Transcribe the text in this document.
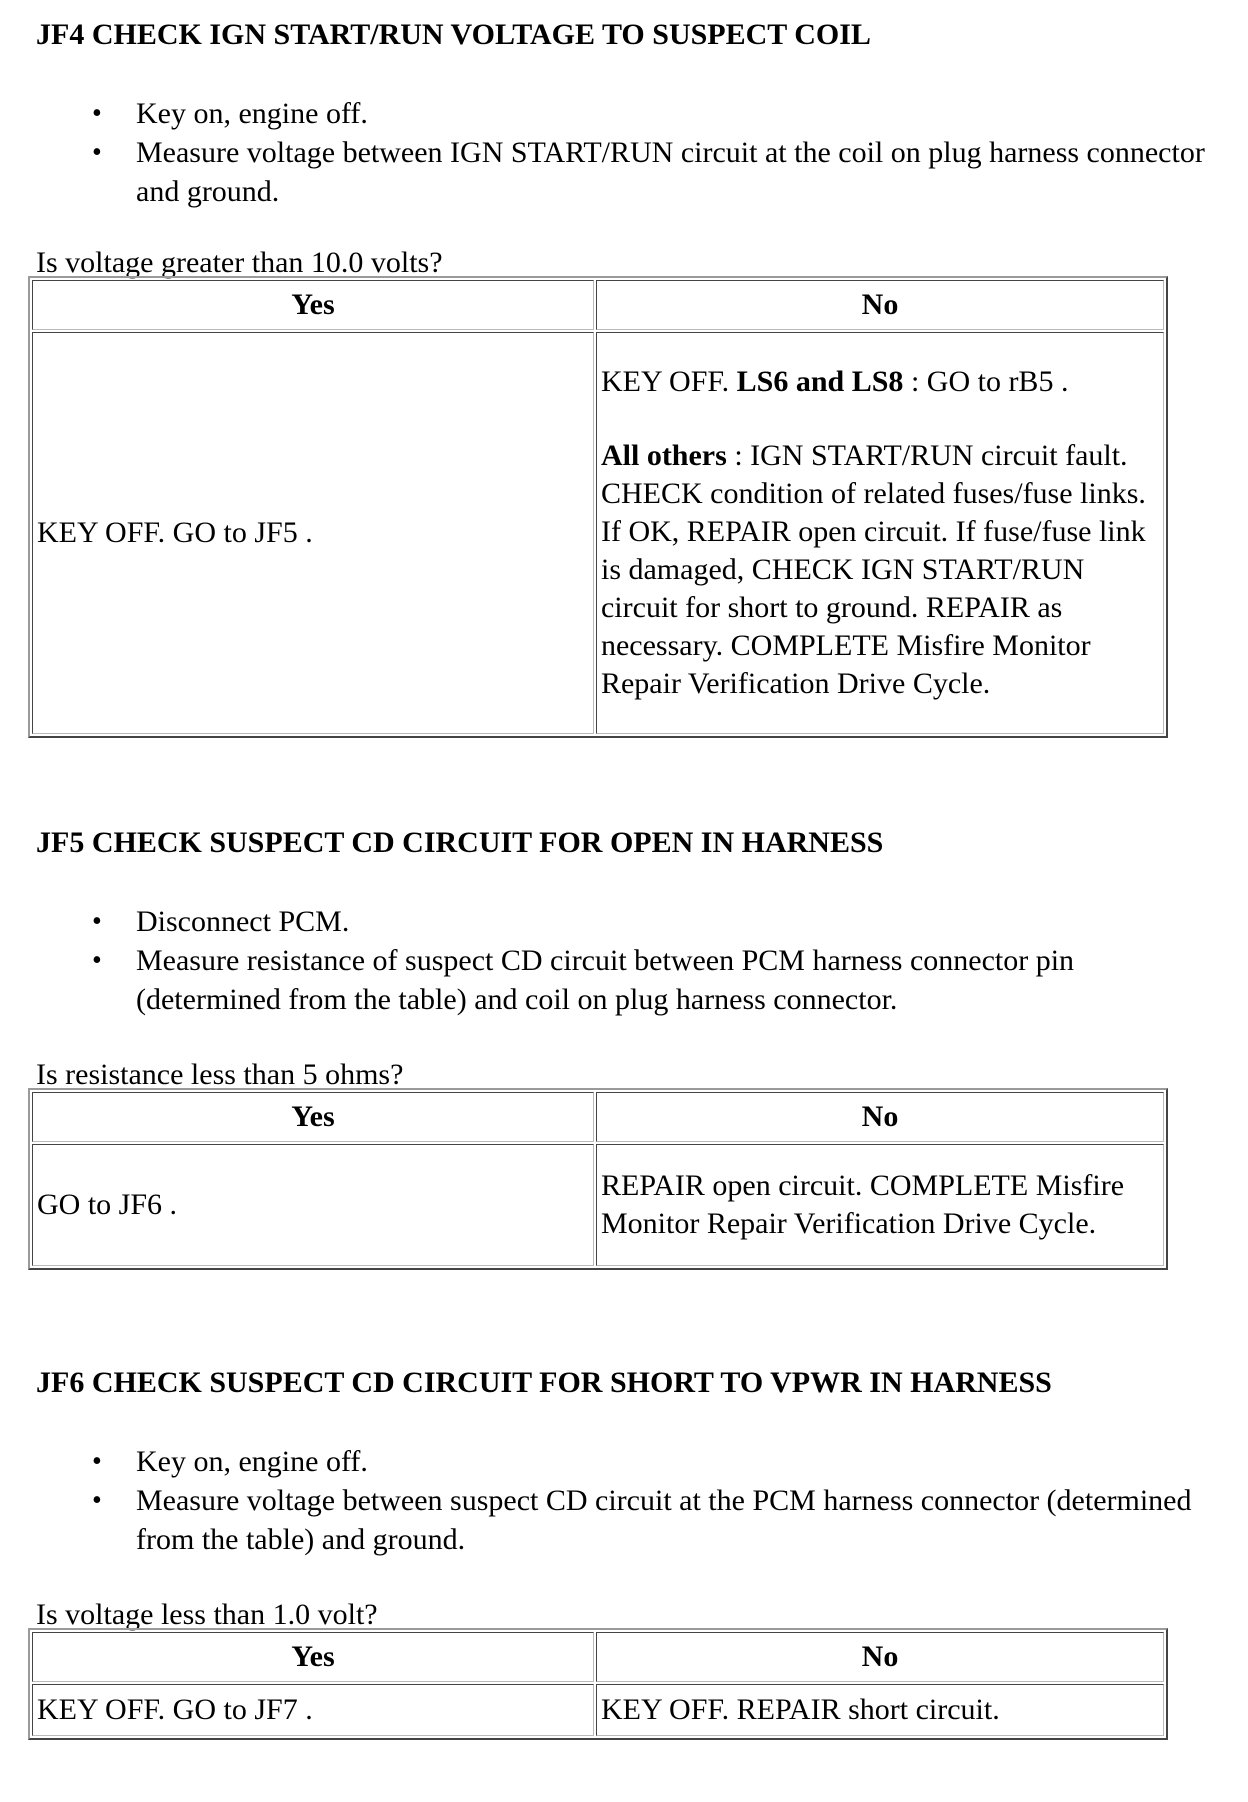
JF4 CHECK IGN START/RUN VOLTAGE TO SUSPECT COIL
• Key on, engine off.
• Measure voltage between IGN START/RUN circuit at the coil on plug harness connector and ground.
Is voltage greater than 10.0 volts?
Yes	No
KEY OFF. GO to JF5 .	KEY OFF. LS6 and LS8 : GO to rB5 .
All others : IGN START/RUN circuit fault. CHECK condition of related fuses/fuse links. If OK, REPAIR open circuit. If fuse/fuse link is damaged, CHECK IGN START/RUN circuit for short to ground. REPAIR as necessary. COMPLETE Misfire Monitor Repair Verification Drive Cycle.
JF5 CHECK SUSPECT CD CIRCUIT FOR OPEN IN HARNESS
• Disconnect PCM.
• Measure resistance of suspect CD circuit between PCM harness connector pin (determined from the table) and coil on plug harness connector.
Is resistance less than 5 ohms?
Yes	No
GO to JF6 .	REPAIR open circuit. COMPLETE Misfire Monitor Repair Verification Drive Cycle.
JF6 CHECK SUSPECT CD CIRCUIT FOR SHORT TO VPWR IN HARNESS
• Key on, engine off.
• Measure voltage between suspect CD circuit at the PCM harness connector (determined from the table) and ground.
Is voltage less than 1.0 volt?
Yes	No
KEY OFF. GO to JF7 .	KEY OFF. REPAIR short circuit.
